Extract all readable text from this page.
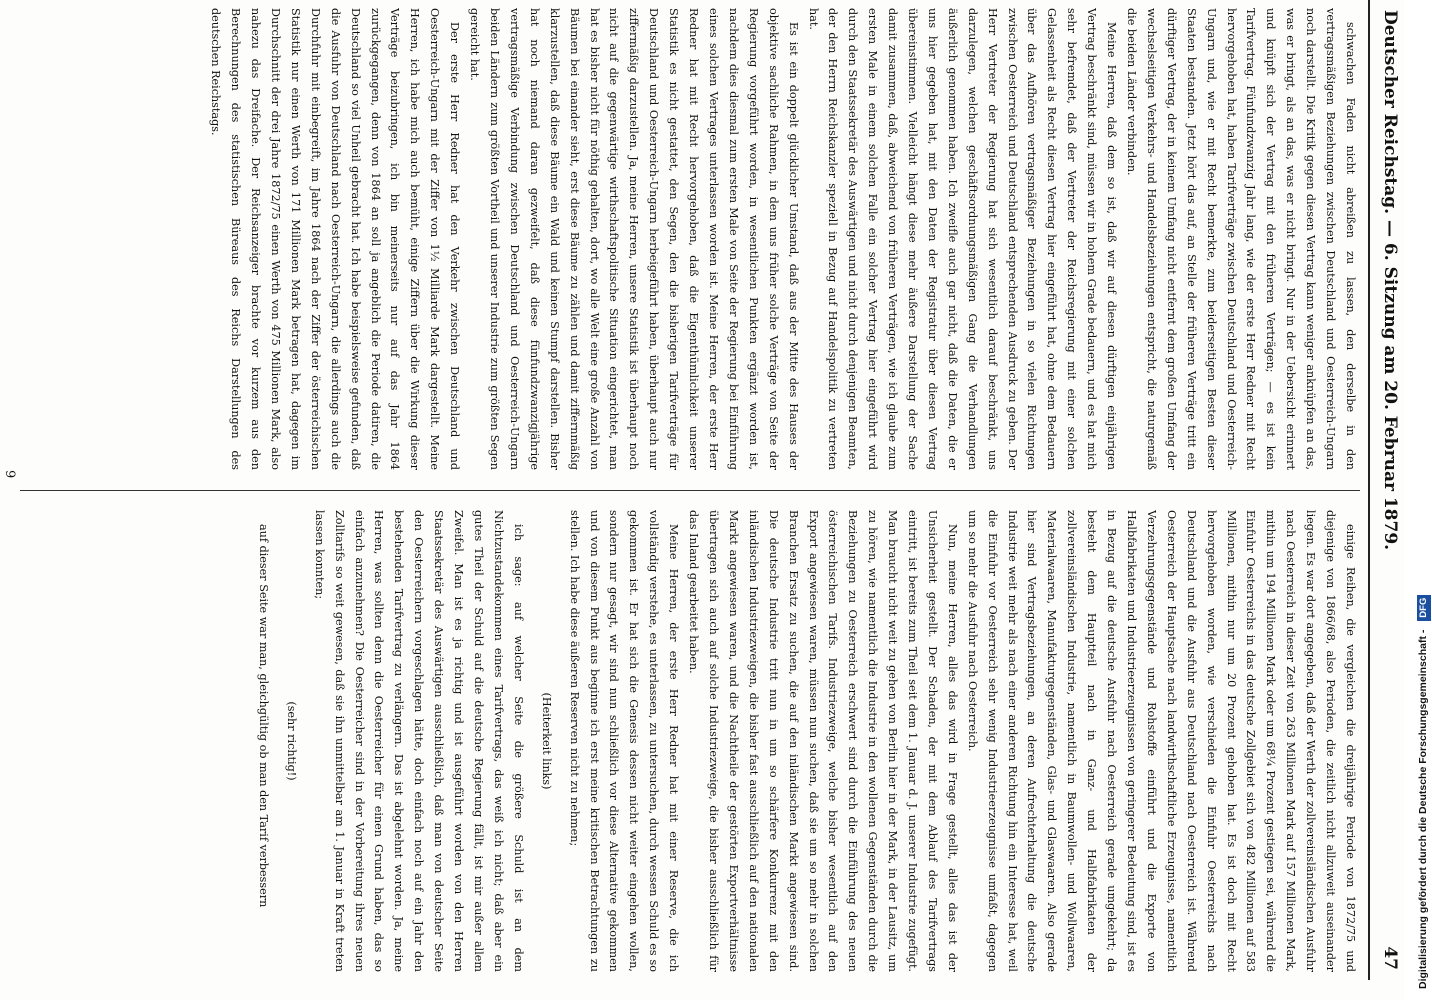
Deutscher Reichstag. — 6. Sitzung am 20. Februar 1879.
47

schwachen Faden nicht abreißen zu lassen, den derselbe in den vertragsmäßigen Beziehungen zwischen Deutschland und Oesterreich-Ungarn noch darstellt. Die Kritik gegen diesen Vertrag kann weniger anknüpfen an das, was er bringt, als an das, was er nicht bringt. Nur in der Uebersicht erinnert und knüpft sich der Vertrag mit den früheren Verträgen; — es ist kein Tarifvertrag. Fünfundzwanzig Jahr lang, wie der erste Herr Redner mit Recht hervorgehoben hat, haben Tarifverträge zwischen Deutschland und Oesterreich-Ungarn und, wie er mit Recht bemerkte, zum beiderseitigen Besten dieser Staaten bestanden. Jetzt hört das auf, an Stelle der früheren Verträge tritt ein dürftiger Vertrag, der in keinem Umfang nicht entfernt dem großen Umfang der wechselseitigen Verkehrs- und Handelsbeziehungen entspricht, die naturgemäß die beiden Länder verbinden.

Meine Herren, daß dem so ist, daß wir auf diesen dürftigen einjährigen Vertrag beschränkt sind, müssen wir in hohem Grade bedauern, und es hat mich sehr befremdet, daß der Vertreter der Reichsregierung mit einer solchen Gelassenheit als Recht diesen Vertrag hier eingeführt hat, ohne dem Bedauern über das Aufhören vertragsmäßiger Beziehungen in so vielen Richtungen zwischen Oesterreich und Deutschland entsprechenden Ausdruck zu geben. Der Herr Vertreter der Regierung hat sich wesentlich darauf beschränkt, uns darzulegen, welchen geschäftsordnungsmäßigen Gang die Verhandlungen äußerlich genommen haben. Ich zweifle auch gar nicht, daß die Daten, die er uns hier gegeben hat, mit den Daten der Registratur über diesen Vertrag übereinstimmen. Vielleicht hängt diese mehr äußere Darstellung der Sache damit zusammen, daß, abweichend von früheren Verträgen, wie ich glaube zum ersten Male in einem solchen Falle ein solcher Vertrag hier eingeführt wird durch den Staatssekretär des Auswärtigen und nicht durch denjenigen Beamten, der den Herrn Reichskanzler speziell in Bezug auf Handelspolitik zu vertreten hat.

Es ist ein doppelt glücklicher Umstand, daß aus der Mitte des Hauses der objektive sachliche Rahmen, in dem uns früher solche Verträge von Seite der Regierung vorgeführt worden, in wesentlichen Punkten ergänzt worden ist, nachdem dies diesmal zum ersten Male von Seite der Regierung bei Einführung eines solchen Vertrages unterlassen worden ist. Meine Herren, der erste Herr Redner hat mit Recht hervorgehoben, daß die Eigenthümlichkeit unserer Statistik es nicht gestattet, den Segen, den die bisherigen Tarifverträge für Deutschland und Oesterreich-Ungarn herbeigeführt haben, überhaupt auch nur ziffermäßig darzustellen. Ja, meine Herren, unsere Statistik ist überhaupt noch nicht auf die gegenwärtige wirthschaftspolitische Situation eingerichtet, man hat es bisher nicht für nöthig gehalten, dort, wo alle Welt eine große Anzahl von Bäumen bei einander sieht, erst diese Bäume zu zählen und damit ziffernmäßig klarzustellen, daß diese Bäume ein Wald und keinen Stumpf darstellen. Bisher hat noch niemand daran gezweifelt, daß diese fünfundzwanzigjährige vertragsmäßige Verbindung zwischen Deutschland und Oesterreich-Ungarn beiden Ländern zum größten Vortheil und unserer Industrie zum größten Segen gereicht hat.

Der erste Herr Redner hat den Verkehr zwischen Deutschland und Oesterreich-Ungarn mit der Ziffer von 1½ Milliarde Mark dargestellt. Meine Herren, ich habe mich auch bemüht, einige Ziffern über die Wirkung dieser Verträge beizubringen, ich bin meinerseits nur auf das Jahr 1864 zurückgegangen, denn von 1864 an soll ja angeblich die Periode datiren, die Deutschland so viel Unheil gebracht hat. Ich habe beispielsweise gefunden, daß die Ausfuhr von Deutschland nach Oesterreich-Ungarn, die allerdings auch die Durchfuhr mit einbegreift, im Jahre 1864 nach der Ziffer der österreichischen Statistik nur einen Werth von 171 Millionen Mark betragen hat, dagegen im Durchschnitt der drei Jahre 1872/75 einen Werth von 475 Millionen Mark, also nahezu das Dreifache. Der Reichsanzeiger brachte vor kurzem aus den Berechnungen des statistischen Büreaus des Reichs Darstellungen des deutschen Reichstags.

einige Reihen, die vergleichen die dreijährige Periode von 1872/75 und diejenige von 1866/68, also Perioden, die zeitlich nicht allzuweit auseinander liegen. Es war dort angegeben, daß der Werth der zollvereinsländischen Ausfuhr nach Oesterreich in dieser Zeit von 263 Millionen Mark auf 157 Millionen Mark, mithin um 194 Millionen Mark oder um 68¼ Prozent gestiegen sei, während die Einfuhr Oesterreichs in das deutsche Zollgebiet sich von 482 Millionen auf 583 Millionen, mithin nur um 20 Prozent gehoben hat. Es ist doch mit Recht hervorgehoben worden, wie verschieden die Einfuhr Oesterreichs nach Deutschland und die Ausfuhr aus Deutschland nach Oesterreich ist. Während Oesterreich der Hauptsache nach landwirthschaftliche Erzeugnisse, namentlich Verzehrungsgegenstände und Rohstoffe einführt und die Exporte von Halbfabrikaten und Industrieerzeugnissen von geringerer Bedeutung sind, ist es in Bezug auf die deutsche Ausfuhr nach Oesterreich gerade umgekehrt; da besteht dem Hauptteil nach in Ganz- und Halbfabrikaten der zollvereinsländischen Industrie, namentlich in Baumwollen- und Wollwaaren, Materialwaaren, Manufakturgegenständen, Glas- und Glaswaaren. Also gerade hier sind Vertragsbeziehungen, an deren Aufrechterhaltung die deutsche Industrie weit mehr als nach einer anderen Richtung hin ein Interesse hat, weil die Einfuhr vor Oesterreich sehr wenig Industrieerzeugnisse umfaßt, dagegen um so mehr die Ausfuhr nach Oesterreich.

Nun, meine Herren, alles das wird in Frage gestellt, alles das ist der Unsicherheit gestellt. Der Schaden, der mit dem Ablauf des Tarifvertrags eintritt, ist bereits zum Theil seit dem 1. Januar d. J. unserer Industrie zugefügt. Man braucht nicht weit zu gehen von Berlin hier in der Mark, in der Lausitz, um zu hören, wie namentlich die Industrie in den wollenen Gegenständen durch die Beziehungen zu Oesterreich erschwert sind durch die Einführung des neuen österreichischen Tarifs. Industriezweige, welche bisher wesentlich auf den Export angewiesen waren, müssen nun suchen, daß sie um so mehr in solchen Branchen Ersatz zu suchen, die auf den inländischen Markt angewiesen sind. Die deutsche Industrie tritt nun in um so schärfere Konkurrenz mit den inländischen Industriezweigen, die bisher fast ausschließlich auf den nationalen Markt angewiesen waren, und die Nachtheile der gestörten Exportverhältnisse übertragen sich auch auf solche Industriezweige, die bisher ausschließlich für das Inland gearbeitet haben.

Meine Herren, der erste Herr Redner hat mit einer Reserve, die ich vollständig verstehe, es unterlassen, zu untersuchen, durch wessen Schuld es so gekommen ist. Er hat sich die Genesis dessen nicht weiter eingehen wollen, sondern nur gesagt, wir sind nun schließlich vor diese Alternative gekommen und von diesem Punkt aus beginne ich erst meine kritischen Betrachtungen zu stellen. Ich habe diese äußeren Reserven nicht zu nehmen;

(Heiterkeit links)

ich sage: auf welcher Seite die größere Schuld ist an dem Nichtzustandekommen eines Tarifvertrags, das weiß ich nicht; daß aber ein gutes Theil der Schuld auf die deutsche Regierung fällt, ist mir außer allem Zweifel. Man ist es ja richtig und ist ausgeführt worden von den Herren Staatssekretär des Auswärtigen ausschließlich, daß man von deutscher Seite den Oesterreichern vorgeschlagen hätte, doch einfach noch auf ein Jahr den bestehenden Tarifvertrag zu verlängern. Das ist abgelehnt worden. Ja, meine Herren, was sollten denn die Oesterreicher für einen Grund haben, das so einfach anzunehmen? Die Oesterreicher sind in der Vorbereitung ihres neuen Zolltarifs so weit gewesen, daß sie ihn unmittelbar am 1. Januar in Kraft treten lassen konnten;

(sehr richtig!)

auf dieser Seite war man, gleichgültig ob man den Tarif verbessern

9
Digitalisierung gefördert durch die Deutsche Forschungsgemeinschaft - DFG
